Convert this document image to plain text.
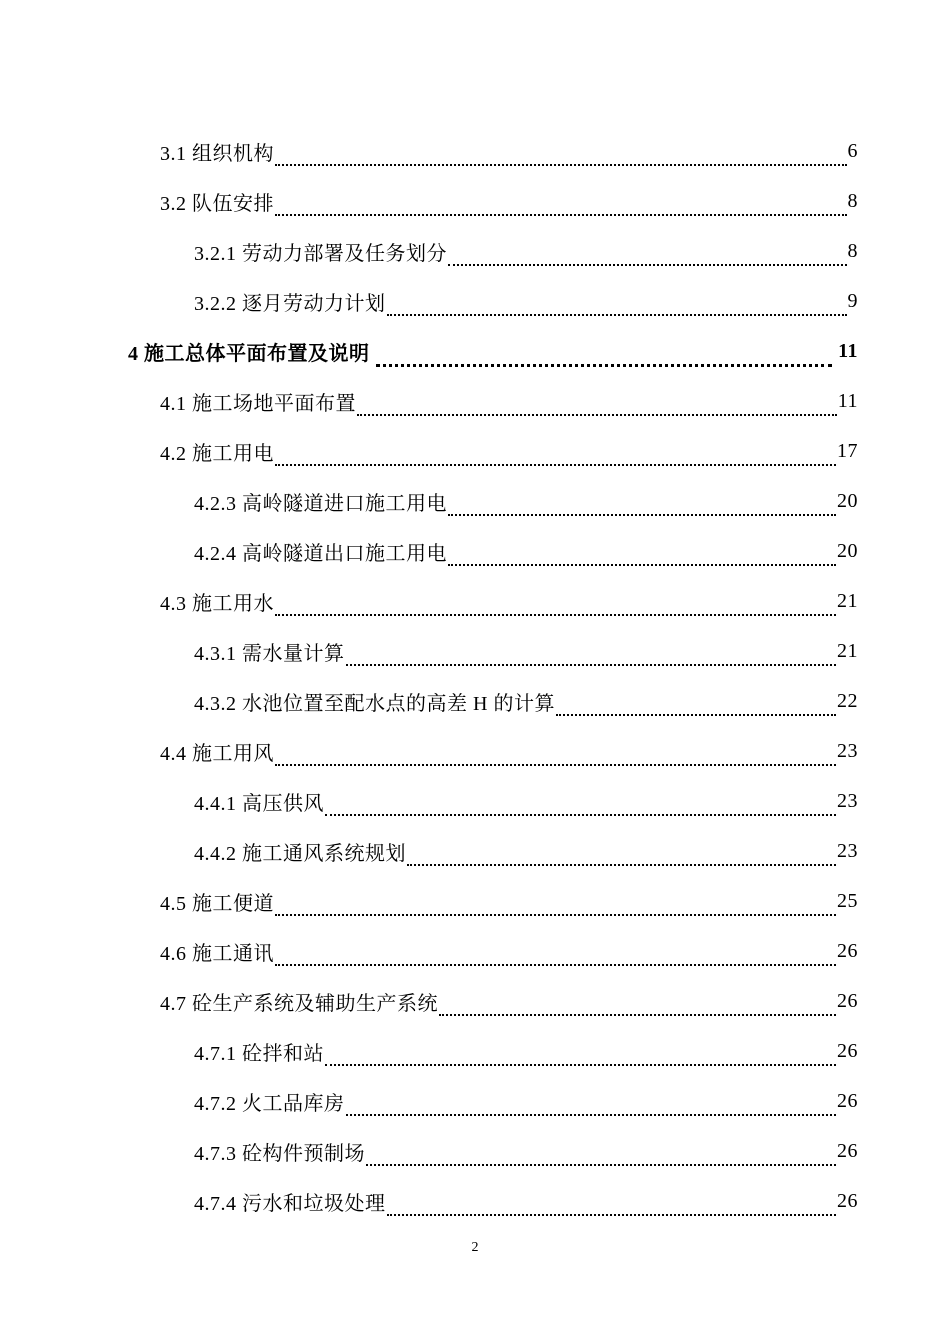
3.1 组织机构	6
3.2 队伍安排	8
3.2.1 劳动力部署及任务划分	8
3.2.2 逐月劳动力计划	9
4 施工总体平面布置及说明	11
4.1 施工场地平面布置	11
4.2 施工用电	17
4.2.3 高岭隧道进口施工用电	20
4.2.4 高岭隧道出口施工用电	20
4.3 施工用水	21
4.3.1 需水量计算	21
4.3.2 水池位置至配水点的高差 H 的计算	22
4.4 施工用风	23
4.4.1 高压供风	23
4.4.2 施工通风系统规划	23
4.5 施工便道	25
4.6 施工通讯	26
4.7 砼生产系统及辅助生产系统	26
4.7.1 砼拌和站	26
4.7.2 火工品库房	26
4.7.3 砼构件预制场	26
4.7.4 污水和垃圾处理	26
2
